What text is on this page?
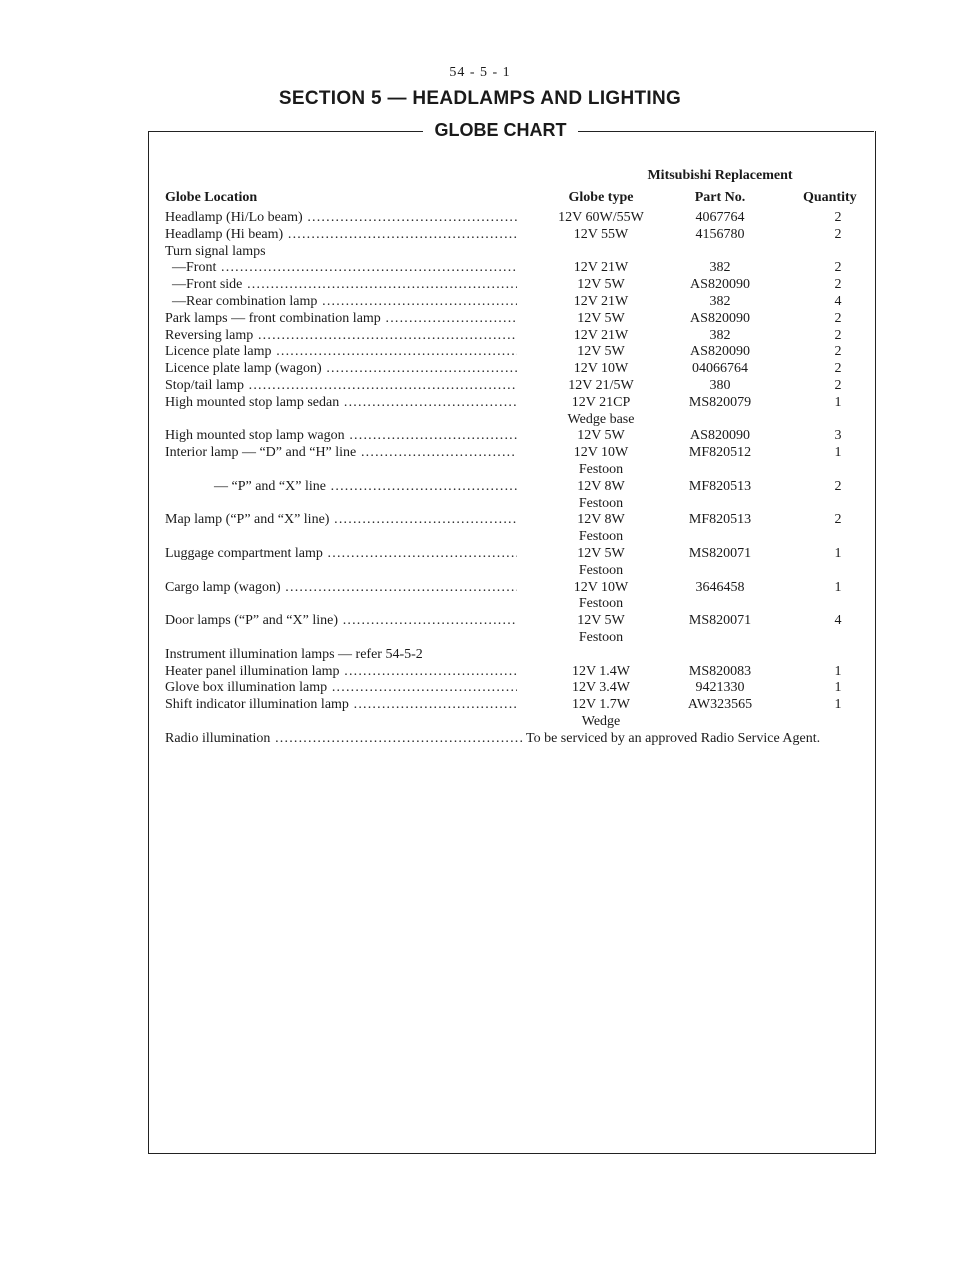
54 - 5 - 1
SECTION 5 — HEADLAMPS AND LIGHTING
GLOBE CHART
Mitsubishi Replacement
Globe Location	Globe type	Part No.	Quantity
Headlamp (Hi/Lo beam) .....	12V 60W/55W	4067764	2
Headlamp (Hi beam) .....	12V 55W	4156780	2
Turn signal lamps
—Front .....	12V 21W	382	2
—Front side .....	12V 5W	AS820090	2
—Rear combination lamp .....	12V 21W	382	4
Park lamps — front combination lamp .....	12V 5W	AS820090	2
Reversing lamp .....	12V 21W	382	2
Licence plate lamp .....	12V 5W	AS820090	2
Licence plate lamp (wagon) .....	12V 10W	04066764	2
Stop/tail lamp .....	12V 21/5W	380	2
High mounted stop lamp sedan .....	12V 21CP	MS820079	1
Wedge base
High mounted stop lamp wagon .....	12V 5W	AS820090	3
Interior lamp — “D” and “H” line .....	12V 10W	MF820512	1
Festoon
— “P” and “X” line .....	12V 8W	MF820513	2
Festoon
Map lamp (“P” and “X” line) .....	12V 8W	MF820513	2
Festoon
Luggage compartment lamp .....	12V 5W	MS820071	1
Festoon
Cargo lamp (wagon) .....	12V 10W	3646458	1
Festoon
Door lamps (“P” and “X” line) .....	12V 5W	MS820071	4
Festoon
Instrument illumination lamps — refer 54-5-2
Heater panel illumination lamp .....	12V 1.4W	MS820083	1
Glove box illumination lamp .....	12V 3.4W	9421330	1
Shift indicator illumination lamp .....	12V 1.7W	AW323565	1
Wedge
Radio illumination .....	To be serviced by an approved Radio Service Agent.
